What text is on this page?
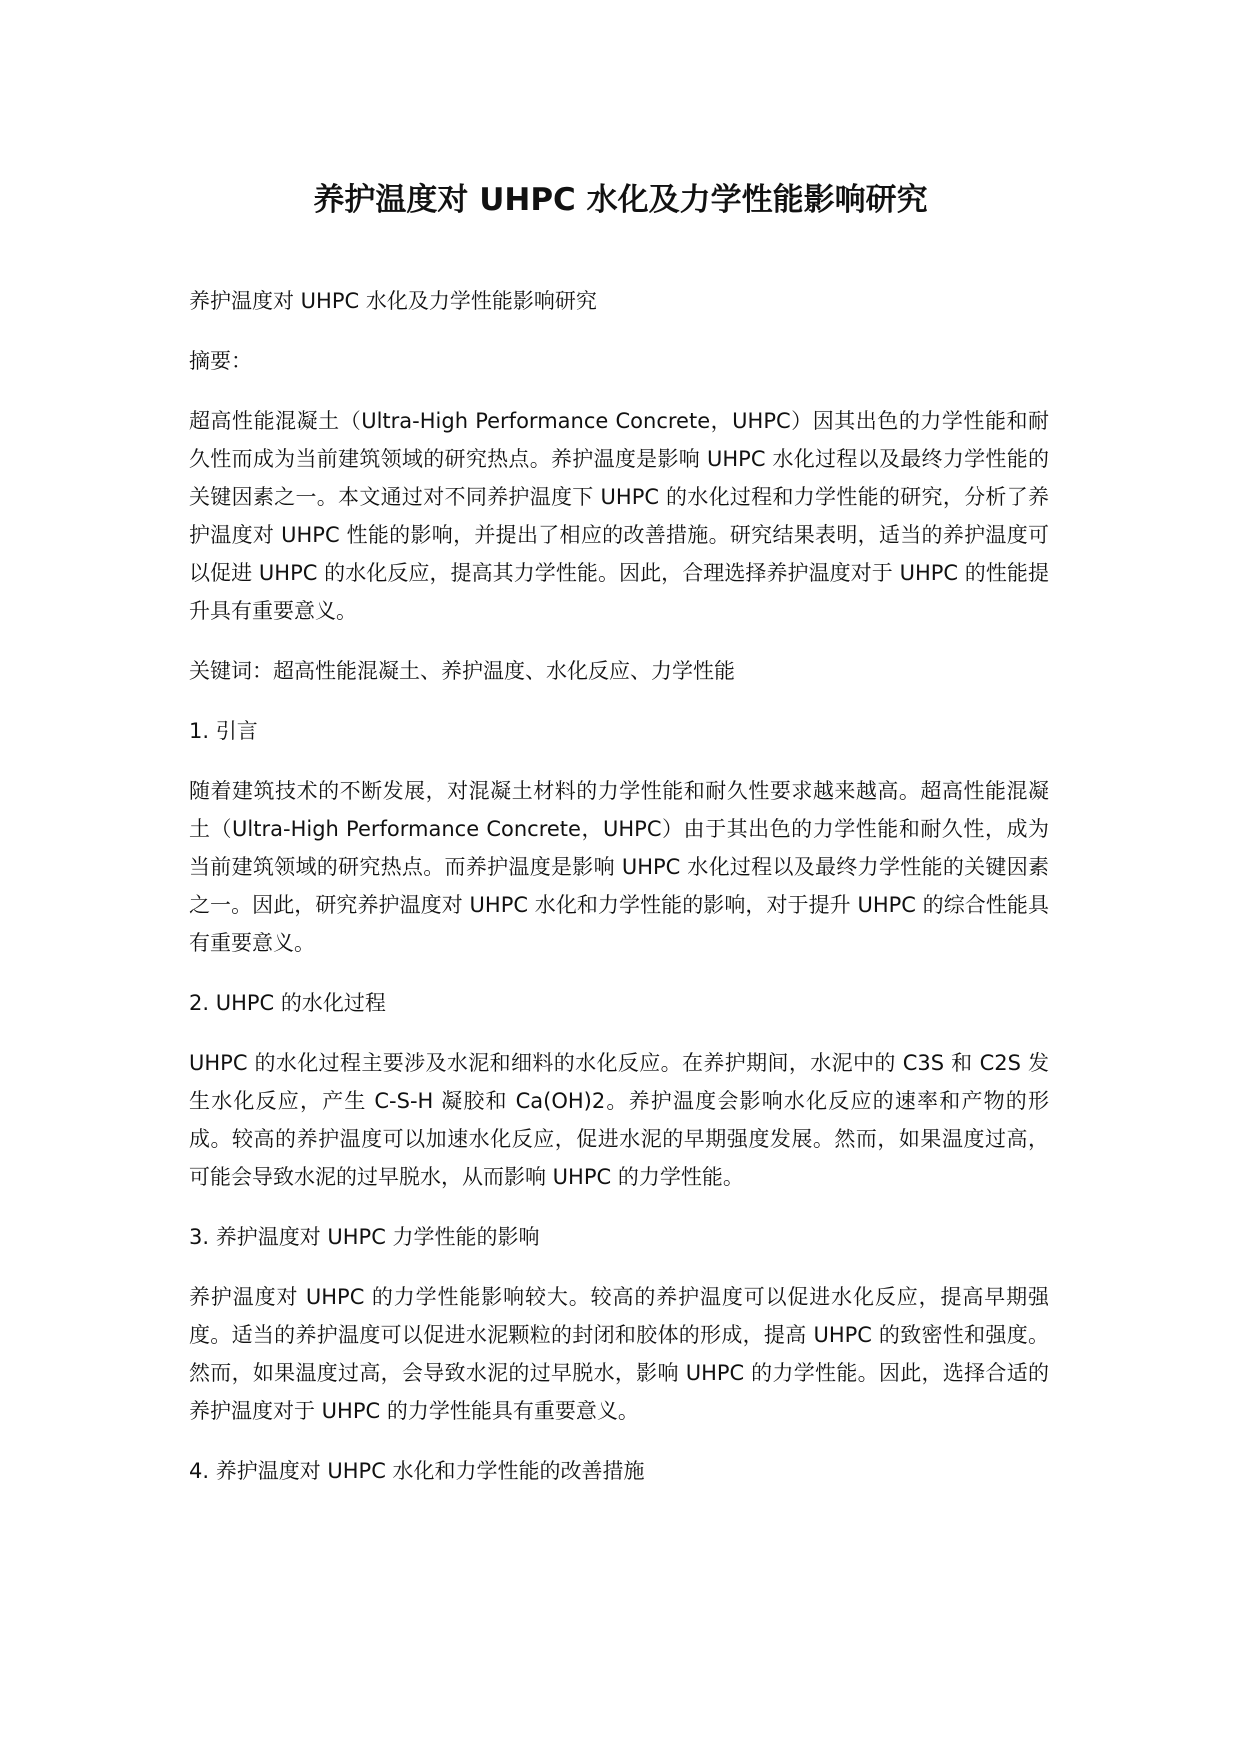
养护温度对 UHPC 水化及力学性能影响研究

养护温度对 UHPC 水化及力学性能影响研究

摘要：

超高性能混凝土（Ultra-High Performance Concrete，UHPC）因其出色的力学性能和耐久性而成为当前建筑领域的研究热点。养护温度是影响 UHPC 水化过程以及最终力学性能的关键因素之一。本文通过对不同养护温度下 UHPC 的水化过程和力学性能的研究，分析了养护温度对 UHPC 性能的影响，并提出了相应的改善措施。研究结果表明，适当的养护温度可以促进 UHPC 的水化反应，提高其力学性能。因此，合理选择养护温度对于 UHPC 的性能提升具有重要意义。

关键词：超高性能混凝土、养护温度、水化反应、力学性能

1. 引言

随着建筑技术的不断发展，对混凝土材料的力学性能和耐久性要求越来越高。超高性能混凝土（Ultra-High Performance Concrete，UHPC）由于其出色的力学性能和耐久性，成为当前建筑领域的研究热点。而养护温度是影响 UHPC 水化过程以及最终力学性能的关键因素之一。因此，研究养护温度对 UHPC 水化和力学性能的影响，对于提升 UHPC 的综合性能具有重要意义。

2. UHPC 的水化过程

UHPC 的水化过程主要涉及水泥和细料的水化反应。在养护期间，水泥中的 C3S 和 C2S 发生水化反应，产生 C-S-H 凝胶和 Ca(OH)2。养护温度会影响水化反应的速率和产物的形成。较高的养护温度可以加速水化反应，促进水泥的早期强度发展。然而，如果温度过高，可能会导致水泥的过早脱水，从而影响 UHPC 的力学性能。

3. 养护温度对 UHPC 力学性能的影响

养护温度对 UHPC 的力学性能影响较大。较高的养护温度可以促进水化反应，提高早期强度。适当的养护温度可以促进水泥颗粒的封闭和胶体的形成，提高 UHPC 的致密性和强度。然而，如果温度过高，会导致水泥的过早脱水，影响 UHPC 的力学性能。因此，选择合适的养护温度对于 UHPC 的力学性能具有重要意义。

4. 养护温度对 UHPC 水化和力学性能的改善措施
